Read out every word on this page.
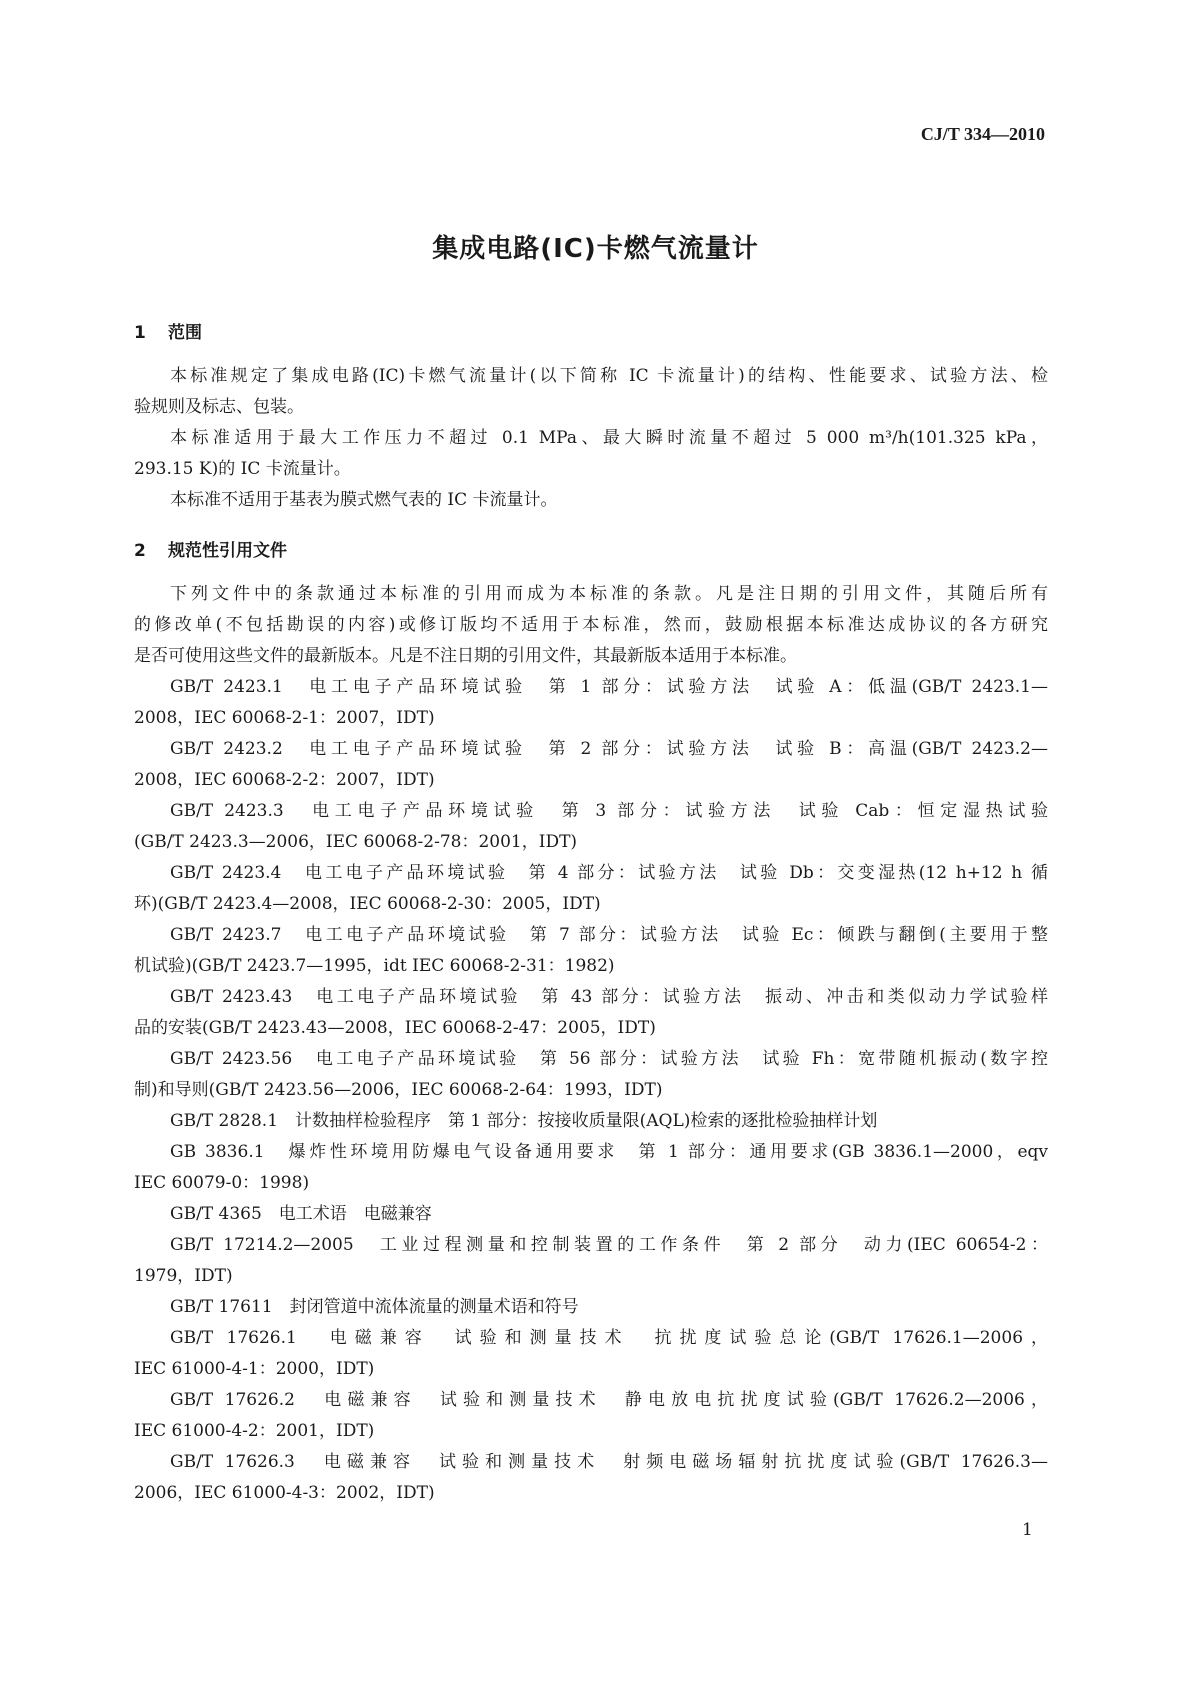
CJ/T 334—2010
集成电路(IC)卡燃气流量计
1 范围
本标准规定了集成电路(IC)卡燃气流量计(以下简称 IC 卡流量计)的结构、性能要求、试验方法、检
验规则及标志、包装。
本标准适用于最大工作压力不超过 0.1 MPa、最大瞬时流量不超过 5 000 m³/h(101.325 kPa，
293.15 K)的 IC 卡流量计。
本标准不适用于基表为膜式燃气表的 IC 卡流量计。
2 规范性引用文件
下列文件中的条款通过本标准的引用而成为本标准的条款。凡是注日期的引用文件，其随后所有
的修改单(不包括勘误的内容)或修订版均不适用于本标准，然而，鼓励根据本标准达成协议的各方研究
是否可使用这些文件的最新版本。凡是不注日期的引用文件，其最新版本适用于本标准。
GB/T 2423.1　电工电子产品环境试验　第 1 部分：试验方法　试验 A：低温(GB/T 2423.1—
2008，IEC 60068-2-1：2007，IDT)
GB/T 2423.2　电工电子产品环境试验　第 2 部分：试验方法　试验 B：高温(GB/T 2423.2—
2008，IEC 60068-2-2：2007，IDT)
GB/T 2423.3　电工电子产品环境试验　第 3 部分：试验方法　试验 Cab：恒定湿热试验
(GB/T 2423.3—2006，IEC 60068-2-78：2001，IDT)
GB/T 2423.4　电工电子产品环境试验　第 4 部分：试验方法　试验 Db：交变湿热(12 h+12 h 循
环)(GB/T 2423.4—2008，IEC 60068-2-30：2005，IDT)
GB/T 2423.7　电工电子产品环境试验　第 7 部分：试验方法　试验 Ec：倾跌与翻倒(主要用于整
机试验)(GB/T 2423.7—1995，idt IEC 60068-2-31：1982)
GB/T 2423.43　电工电子产品环境试验　第 43 部分：试验方法　振动、冲击和类似动力学试验样
品的安装(GB/T 2423.43—2008，IEC 60068-2-47：2005，IDT)
GB/T 2423.56　电工电子产品环境试验　第 56 部分：试验方法　试验 Fh：宽带随机振动(数字控
制)和导则(GB/T 2423.56—2006，IEC 60068-2-64：1993，IDT)
GB/T 2828.1　计数抽样检验程序　第 1 部分：按接收质量限(AQL)检索的逐批检验抽样计划
GB 3836.1　爆炸性环境用防爆电气设备通用要求　第 1 部分：通用要求(GB 3836.1—2000，eqv
IEC 60079-0：1998)
GB/T 4365　电工术语　电磁兼容
GB/T 17214.2—2005　工业过程测量和控制装置的工作条件　第 2 部分　动力(IEC 60654-2：
1979，IDT)
GB/T 17611　封闭管道中流体流量的测量术语和符号
GB/T 17626.1　电磁兼容　试验和测量技术　抗扰度试验总论(GB/T 17626.1—2006，
IEC 61000-4-1：2000，IDT)
GB/T 17626.2　电磁兼容　试验和测量技术　静电放电抗扰度试验(GB/T 17626.2—2006，
IEC 61000-4-2：2001，IDT)
GB/T 17626.3　电磁兼容　试验和测量技术　射频电磁场辐射抗扰度试验(GB/T 17626.3—
2006，IEC 61000-4-3：2002，IDT)
1
